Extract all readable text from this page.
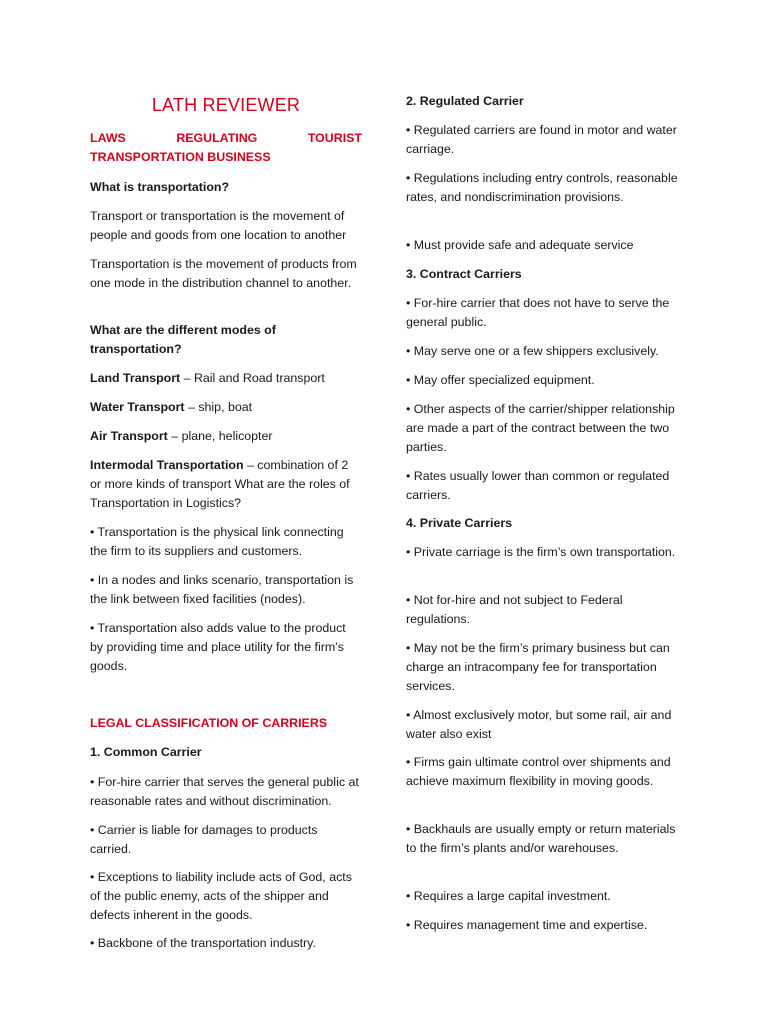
LATH REVIEWER

LAWS	REGULATING	TOURIST

TRANSPORTATION BUSINESS

What is transportation?

Transport or transportation is the movement of people and goods from one location to another

Transportation is the movement of products from one mode in the distribution channel to another.

What are the different modes of transportation?

Land Transport – Rail and Road transport

Water Transport – ship, boat

Air Transport – plane, helicopter

Intermodal Transportation – combination of 2 or more kinds of transport What are the roles of Transportation in Logistics?

• Transportation is the physical link connecting the firm to its suppliers and customers.

• In a nodes and links scenario, transportation is the link between fixed facilities (nodes).

• Transportation also adds value to the product by providing time and place utility for the firm’s goods.

LEGAL CLASSIFICATION OF CARRIERS

1. Common Carrier

• For-hire carrier that serves the general public at reasonable rates and without discrimination.

• Carrier is liable for damages to products carried.

• Exceptions to liability include acts of God, acts of the public enemy, acts of the shipper and defects inherent in the goods.

• Backbone of the transportation industry.

2. Regulated Carrier

• Regulated carriers are found in motor and water carriage.

• Regulations including entry controls, reasonable rates, and nondiscrimination provisions.

• Must provide safe and adequate service

3. Contract Carriers

• For-hire carrier that does not have to serve the general public.

• May serve one or a few shippers exclusively.

• May offer specialized equipment.

• Other aspects of the carrier/shipper relationship are made a part of the contract between the two parties.

• Rates usually lower than common or regulated carriers.

4. Private Carriers

• Private carriage is the firm’s own transportation.

• Not for-hire and not subject to Federal regulations.

• May not be the firm’s primary business but can charge an intracompany fee for transportation services.

• Almost exclusively motor, but some rail, air and water also exist

• Firms gain ultimate control over shipments and achieve maximum flexibility in moving goods.

• Backhauls are usually empty or return materials to the firm’s plants and/or warehouses.

• Requires a large capital investment.

• Requires management time and expertise.
